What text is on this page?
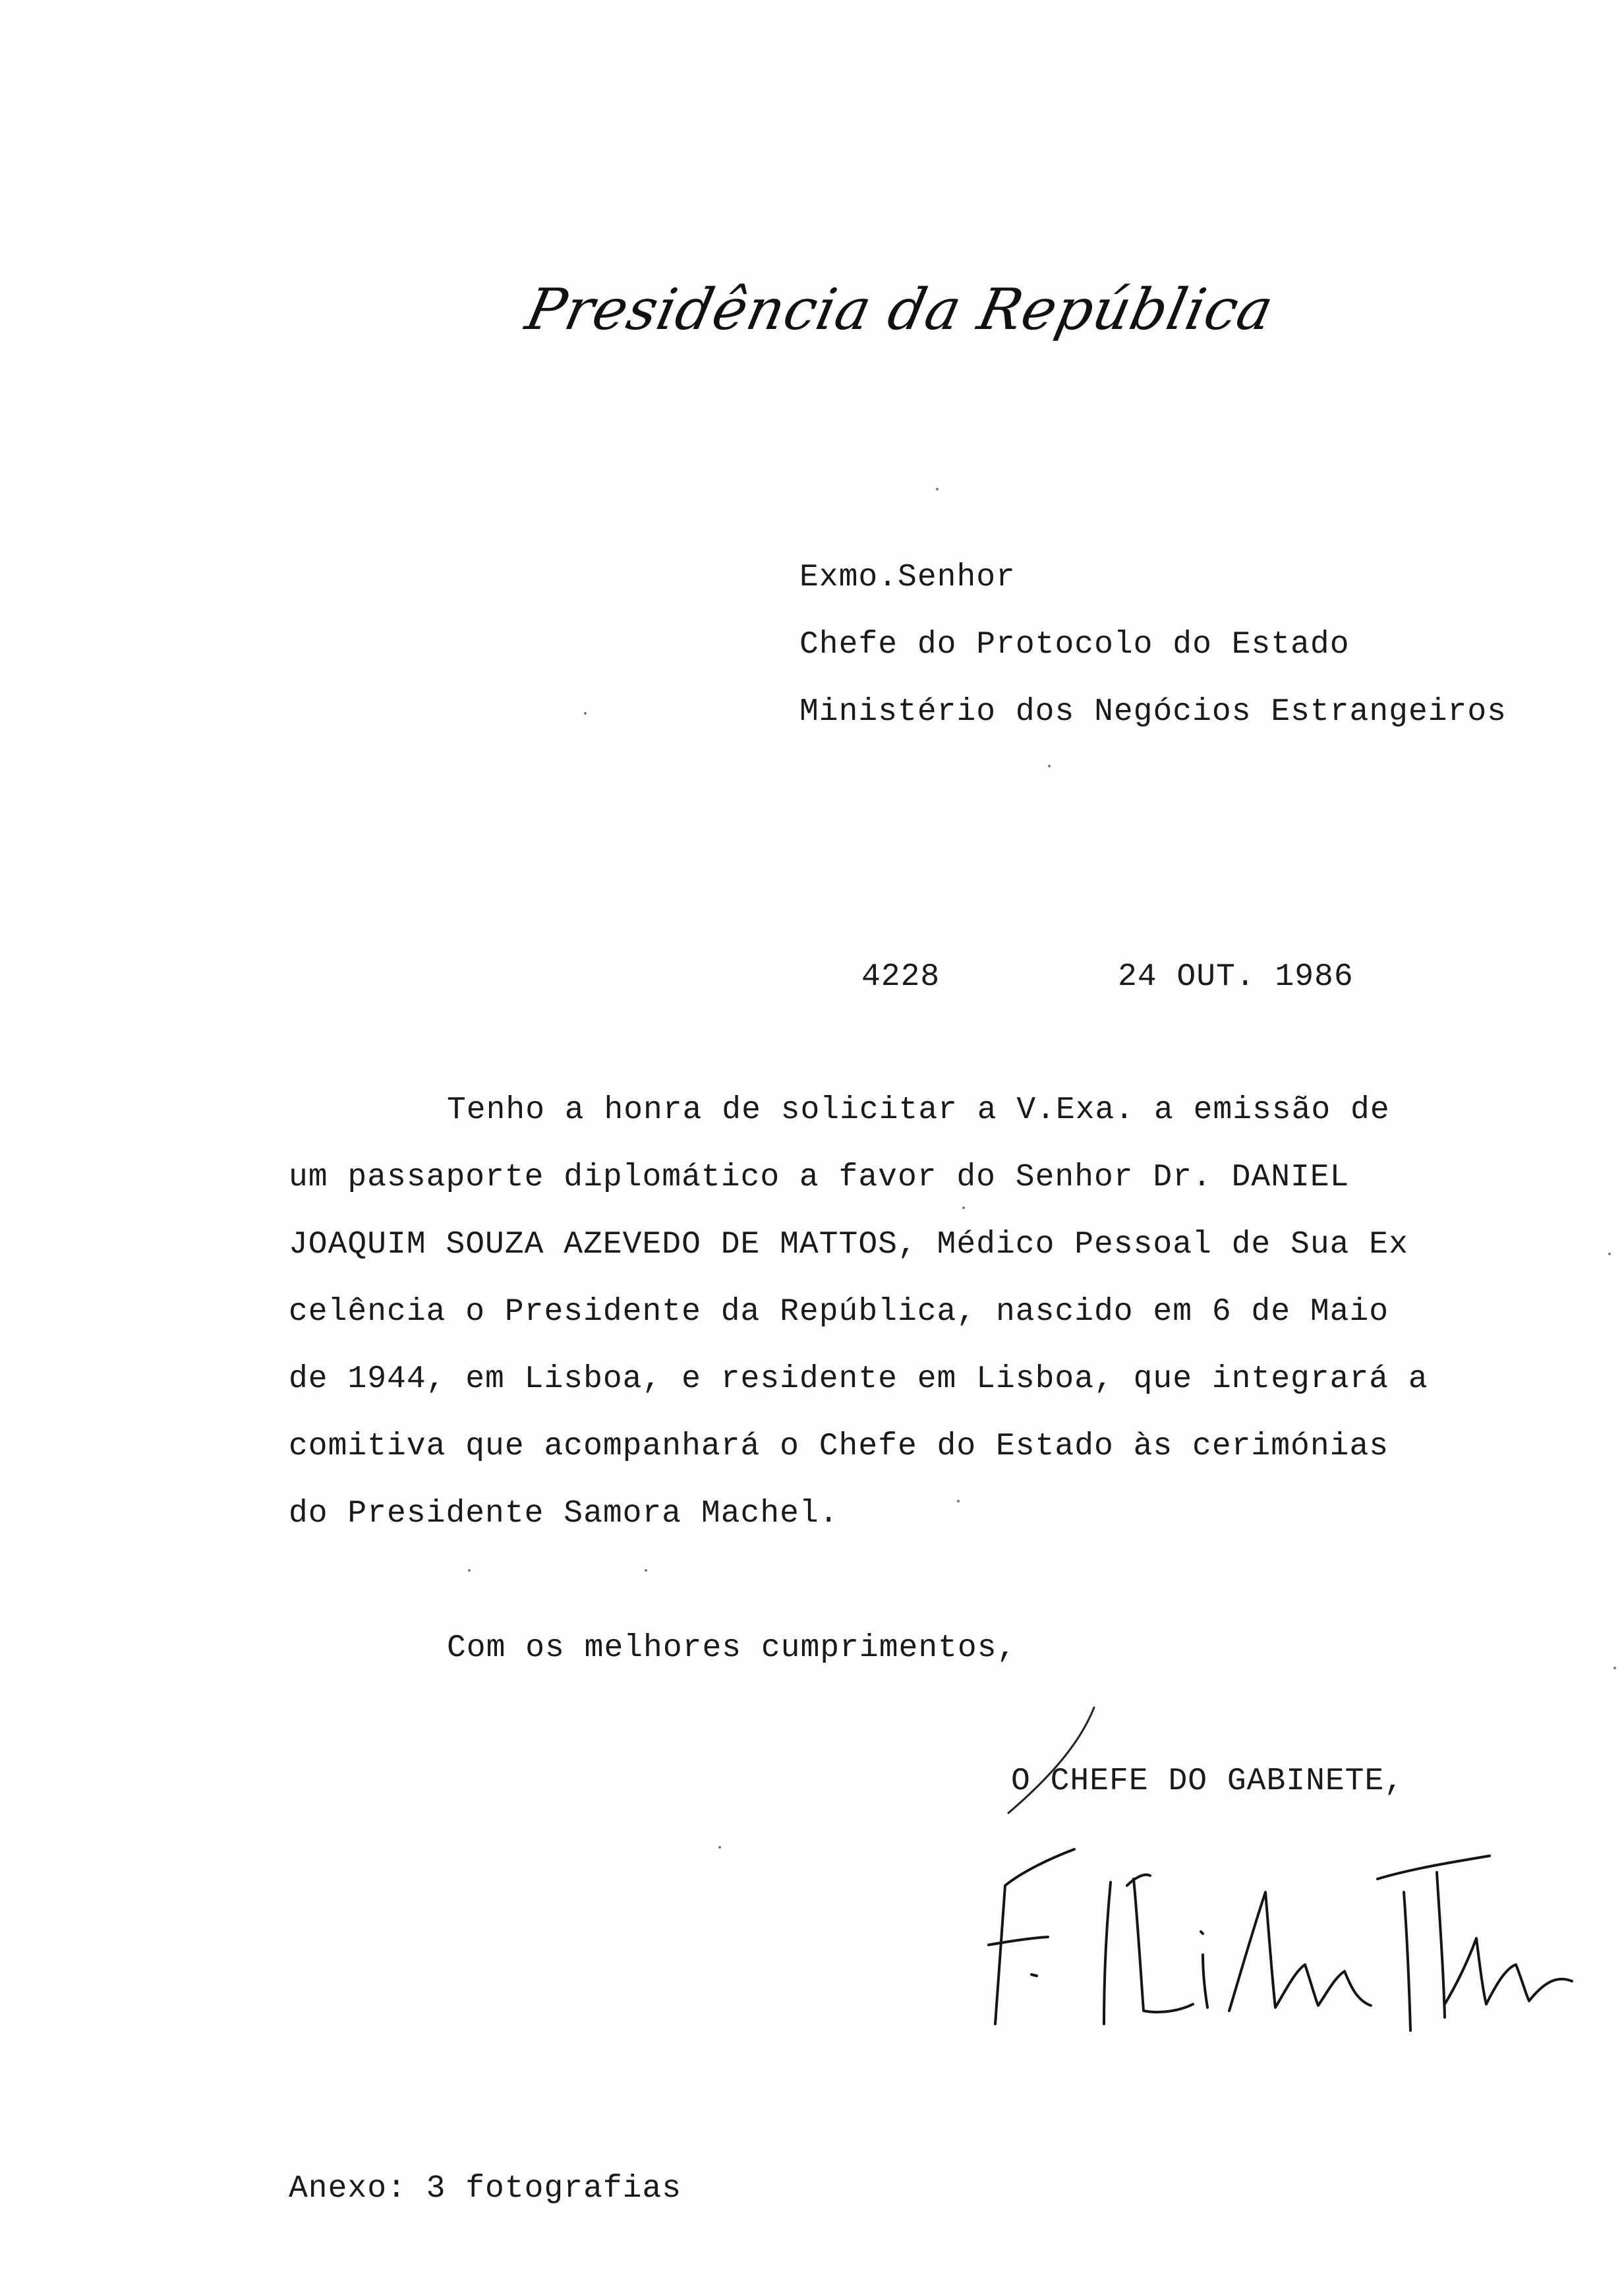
Presidência da República
Exmo.Senhor
Chefe do Protocolo do Estado
Ministério dos Negócios Estrangeiros
4228	24 OUT. 1986
Tenho a honra de solicitar a V.Exa. a emissão de
um passaporte diplomático a favor do Senhor Dr. DANIEL
JOAQUIM SOUZA AZEVEDO DE MATTOS, Médico Pessoal de Sua Ex
celência o Presidente da República, nascido em 6 de Maio
de 1944, em Lisboa, e residente em Lisboa, que integrará a
comitiva que acompanhará o Chefe do Estado às cerimónias
do Presidente Samora Machel.
Com os melhores cumprimentos,
O CHEFE DO GABINETE,
Anexo: 3 fotografias
